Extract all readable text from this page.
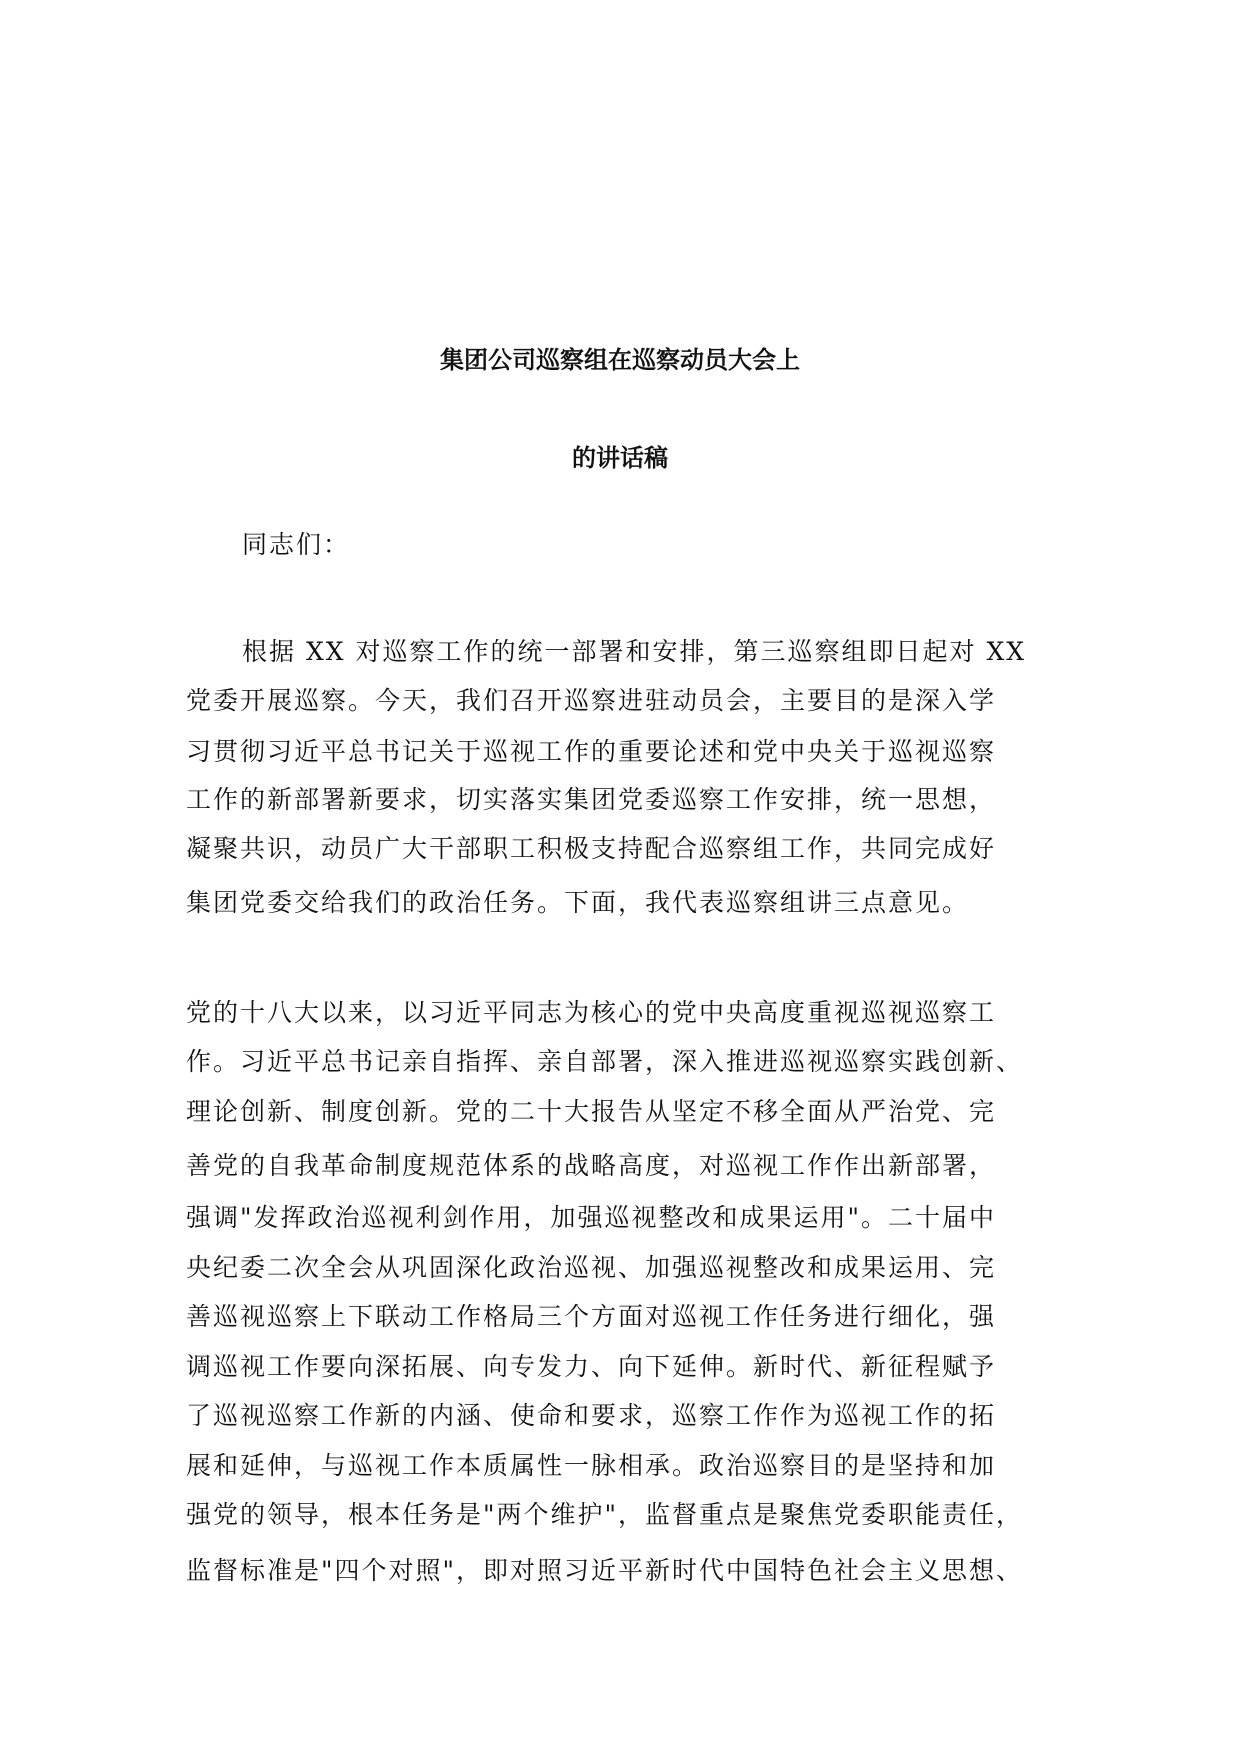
集团公司巡察组在巡察动员大会上
的讲话稿
同志们：
根据 XX 对巡察工作的统一部署和安排，第三巡察组即日起对 XX
党委开展巡察。今天，我们召开巡察进驻动员会，主要目的是深入学
习贯彻习近平总书记关于巡视工作的重要论述和党中央关于巡视巡察
工作的新部署新要求，切实落实集团党委巡察工作安排，统一思想，
凝聚共识，动员广大干部职工积极支持配合巡察组工作，共同完成好
集团党委交给我们的政治任务。下面，我代表巡察组讲三点意见。
党的十八大以来，以习近平同志为核心的党中央高度重视巡视巡察工
作。习近平总书记亲自指挥、亲自部署，深入推进巡视巡察实践创新、
理论创新、制度创新。党的二十大报告从坚定不移全面从严治党、完
善党的自我革命制度规范体系的战略高度，对巡视工作作出新部署，
强调"发挥政治巡视利剑作用，加强巡视整改和成果运用"。二十届中
央纪委二次全会从巩固深化政治巡视、加强巡视整改和成果运用、完
善巡视巡察上下联动工作格局三个方面对巡视工作任务进行细化，强
调巡视工作要向深拓展、向专发力、向下延伸。新时代、新征程赋予
了巡视巡察工作新的内涵、使命和要求，巡察工作作为巡视工作的拓
展和延伸，与巡视工作本质属性一脉相承。政治巡察目的是坚持和加
强党的领导，根本任务是"两个维护"，监督重点是聚焦党委职能责任，
监督标准是"四个对照"，即对照习近平新时代中国特色社会主义思想、
